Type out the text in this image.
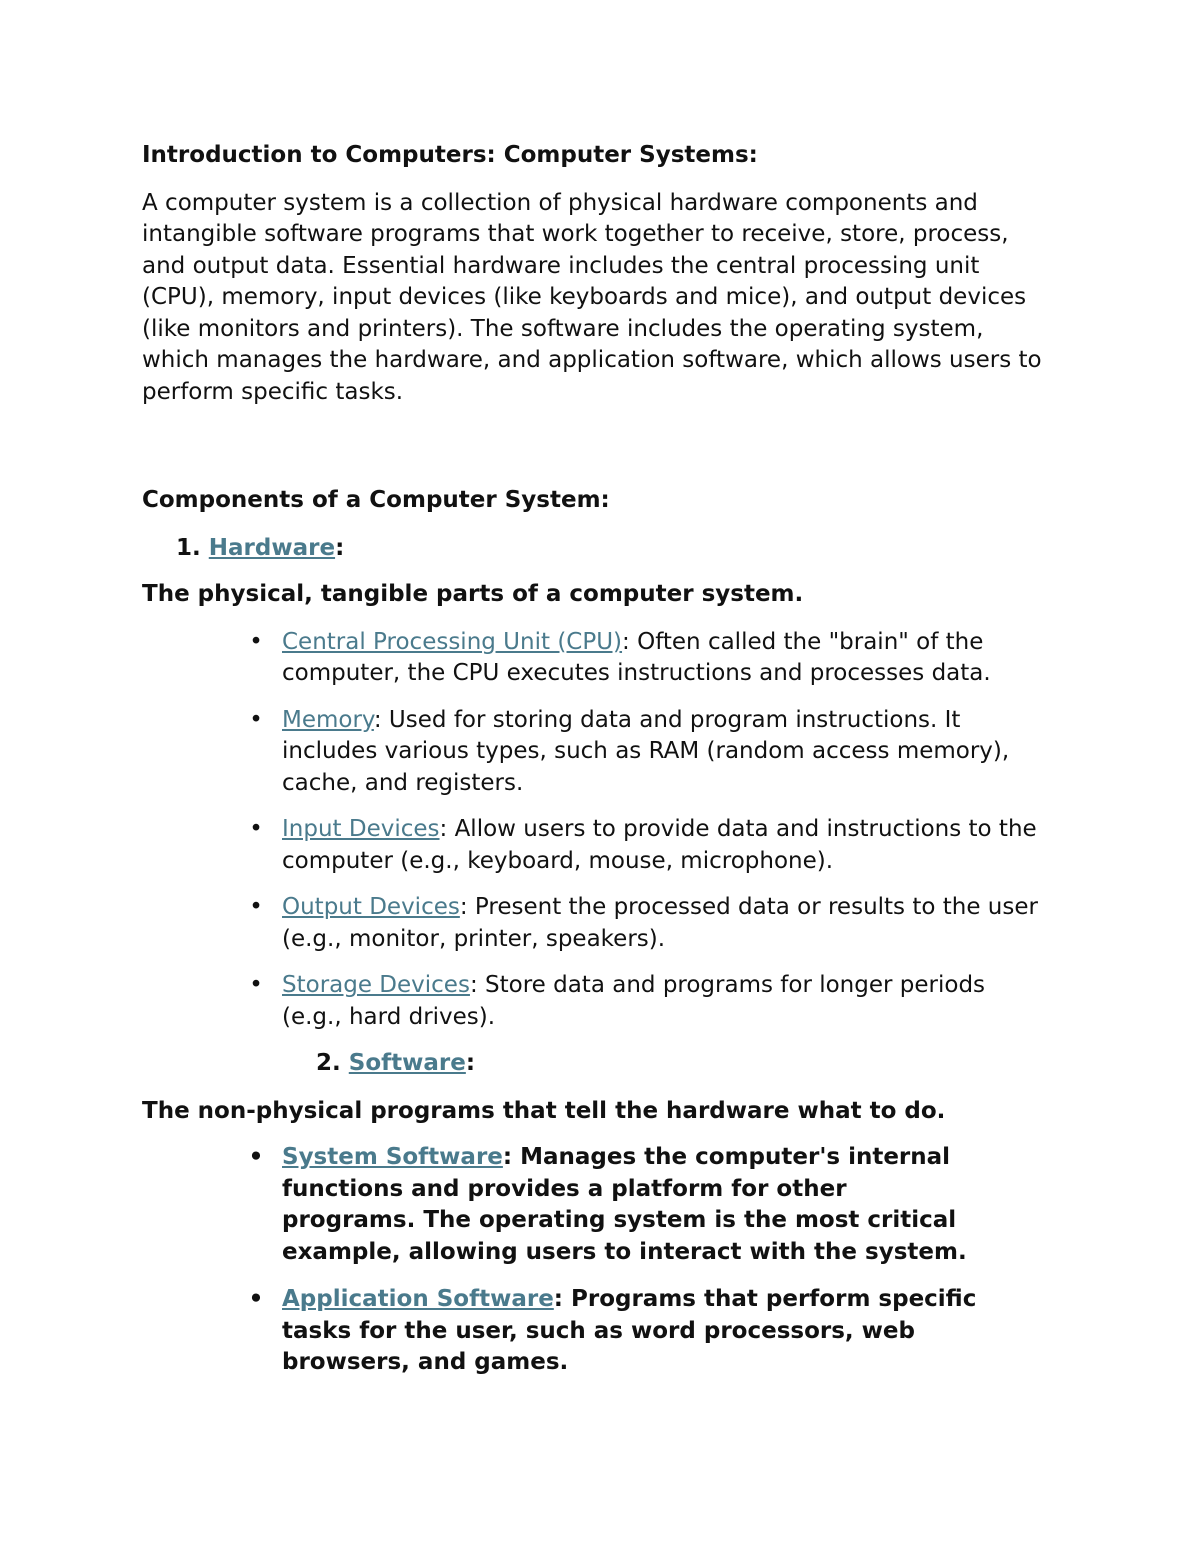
Introduction to Computers: Computer Systems:

A computer system is a collection of physical hardware components and intangible software programs that work together to receive, store, process, and output data. Essential hardware includes the central processing unit (CPU), memory, input devices (like keyboards and mice), and output devices (like monitors and printers). The software includes the operating system, which manages the hardware, and application software, which allows users to perform specific tasks.

Components of a Computer System:

1. Hardware:

The physical, tangible parts of a computer system.

• Central Processing Unit (CPU): Often called the "brain" of the computer, the CPU executes instructions and processes data.
• Memory: Used for storing data and program instructions. It includes various types, such as RAM (random access memory), cache, and registers.
• Input Devices: Allow users to provide data and instructions to the computer (e.g., keyboard, mouse, microphone).
• Output Devices: Present the processed data or results to the user (e.g., monitor, printer, speakers).
• Storage Devices: Store data and programs for longer periods (e.g., hard drives).

2. Software:

The non-physical programs that tell the hardware what to do.

• System Software: Manages the computer's internal functions and provides a platform for other programs. The operating system is the most critical example, allowing users to interact with the system.
• Application Software: Programs that perform specific tasks for the user, such as word processors, web browsers, and games.
